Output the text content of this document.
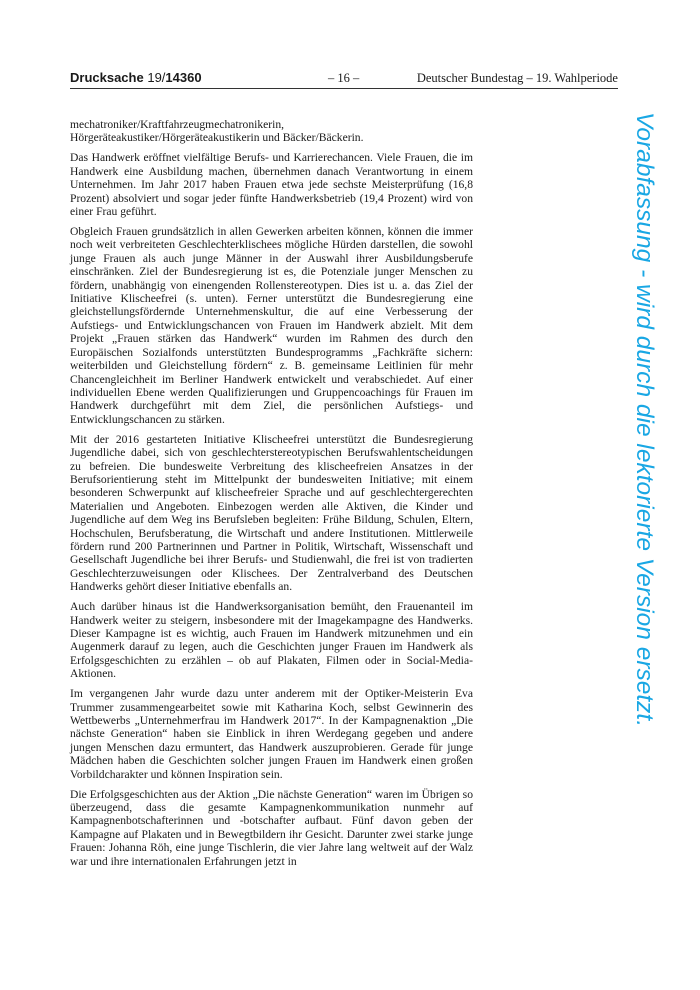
Drucksache 19/14360	– 16 –	Deutscher Bundestag – 19. Wahlperiode

mechatroniker/Kraftfahrzeugmechatronikerin, Hörgeräteakustiker/Hörgeräteakustikerin und Bäcker/Bäckerin.

Das Handwerk eröffnet vielfältige Berufs- und Karrierechancen. Viele Frauen, die im Handwerk eine Ausbildung machen, übernehmen danach Verantwortung in einem Unternehmen. Im Jahr 2017 haben Frauen etwa jede sechste Meisterprüfung (16,8 Prozent) absolviert und sogar jeder fünfte Handwerksbetrieb (19,4 Prozent) wird von einer Frau geführt.

Obgleich Frauen grundsätzlich in allen Gewerken arbeiten können, können die immer noch weit verbreiteten Geschlechterklischees mögliche Hürden darstellen, die sowohl junge Frauen als auch junge Männer in der Auswahl ihrer Ausbildungsberufe einschränken. Ziel der Bundesregierung ist es, die Potenziale junger Menschen zu fördern, unabhängig von einengenden Rollenstereotypen. Dies ist u. a. das Ziel der Initiative Klischeefrei (s. unten). Ferner unterstützt die Bundesregierung eine gleichstellungsfördernde Unternehmenskultur, die auf eine Verbesserung der Aufstiegs- und Entwicklungschancen von Frauen im Handwerk abzielt. Mit dem Projekt „Frauen stärken das Handwerk“ wurden im Rahmen des durch den Europäischen Sozialfonds unterstützten Bundesprogramms „Fachkräfte sichern: weiterbilden und Gleichstellung fördern“ z. B. gemeinsame Leitlinien für mehr Chancengleichheit im Berliner Handwerk entwickelt und verabschiedet. Auf einer individuellen Ebene werden Qualifizierungen und Gruppencoachings für Frauen im Handwerk durchgeführt mit dem Ziel, die persönlichen Aufstiegs- und Entwicklungschancen zu stärken.

Mit der 2016 gestarteten Initiative Klischeefrei unterstützt die Bundesregierung Jugendliche dabei, sich von geschlechterstereotypischen Berufswahlentscheidungen zu befreien. Die bundesweite Verbreitung des klischeefreien Ansatzes in der Berufsorientierung steht im Mittelpunkt der bundesweiten Initiative; mit einem besonderen Schwerpunkt auf klischeefreier Sprache und auf geschlechtergerechten Materialien und Angeboten. Einbezogen werden alle Aktiven, die Kinder und Jugendliche auf dem Weg ins Berufsleben begleiten: Frühe Bildung, Schulen, Eltern, Hochschulen, Berufsberatung, die Wirtschaft und andere Institutionen. Mittlerweile fördern rund 200 Partnerinnen und Partner in Politik, Wirtschaft, Wissenschaft und Gesellschaft Jugendliche bei ihrer Berufs- und Studienwahl, die frei ist von tradierten Geschlechterzuweisungen oder Klischees. Der Zentralverband des Deutschen Handwerks gehört dieser Initiative ebenfalls an.

Auch darüber hinaus ist die Handwerksorganisation bemüht, den Frauenanteil im Handwerk weiter zu steigern, insbesondere mit der Imagekampagne des Handwerks. Dieser Kampagne ist es wichtig, auch Frauen im Handwerk mitzunehmen und ein Augenmerk darauf zu legen, auch die Geschichten junger Frauen im Handwerk als Erfolgsgeschichten zu erzählen – ob auf Plakaten, Filmen oder in Social-Media-Aktionen.

Im vergangenen Jahr wurde dazu unter anderem mit der Optiker-Meisterin Eva Trummer zusammengearbeitet sowie mit Katharina Koch, selbst Gewinnerin des Wettbewerbs „Unternehmerfrau im Handwerk 2017“. In der Kampagnenaktion „Die nächste Generation“ haben sie Einblick in ihren Werdegang gegeben und andere jungen Menschen dazu ermuntert, das Handwerk auszuprobieren. Gerade für junge Mädchen haben die Geschichten solcher jungen Frauen im Handwerk einen großen Vorbildcharakter und können Inspiration sein.

Die Erfolgsgeschichten aus der Aktion „Die nächste Generation“ waren im Übrigen so überzeugend, dass die gesamte Kampagnenkommunikation nunmehr auf Kampagnenbotschafterinnen und -botschafter aufbaut. Fünf davon geben der Kampagne auf Plakaten und in Bewegtbildern ihr Gesicht. Darunter zwei starke junge Frauen: Johanna Röh, eine junge Tischlerin, die vier Jahre lang weltweit auf der Walz war und ihre internationalen Erfahrungen jetzt in

Vorabfassung - wird durch die lektorierte Version ersetzt.
